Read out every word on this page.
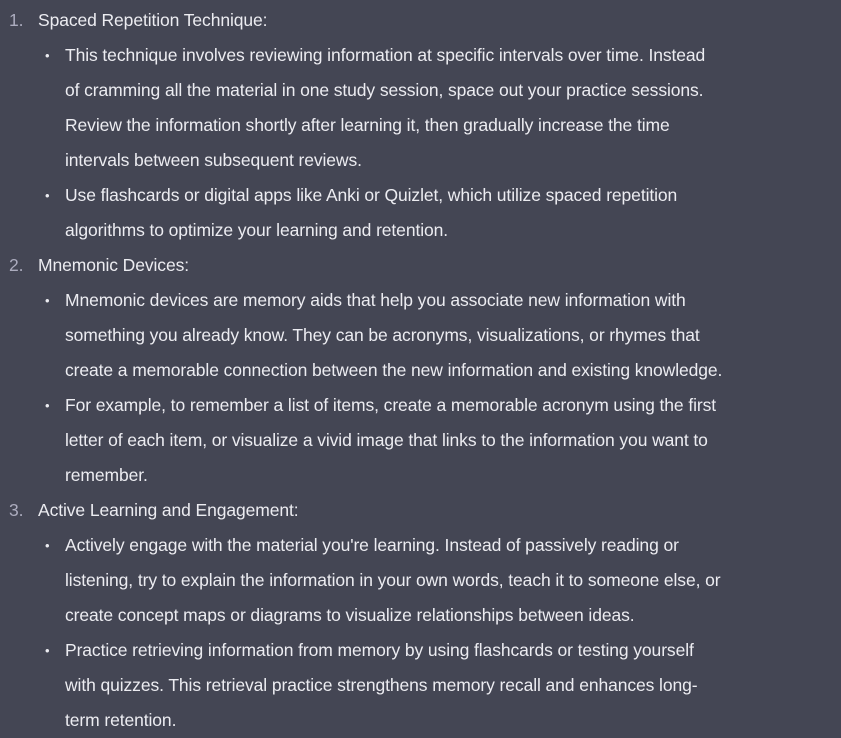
1. Spaced Repetition Technique:
• This technique involves reviewing information at specific intervals over time. Instead
of cramming all the material in one study session, space out your practice sessions.
Review the information shortly after learning it, then gradually increase the time
intervals between subsequent reviews.
• Use flashcards or digital apps like Anki or Quizlet, which utilize spaced repetition
algorithms to optimize your learning and retention.
2. Mnemonic Devices:
• Mnemonic devices are memory aids that help you associate new information with
something you already know. They can be acronyms, visualizations, or rhymes that
create a memorable connection between the new information and existing knowledge.
• For example, to remember a list of items, create a memorable acronym using the first
letter of each item, or visualize a vivid image that links to the information you want to
remember.
3. Active Learning and Engagement:
• Actively engage with the material you're learning. Instead of passively reading or
listening, try to explain the information in your own words, teach it to someone else, or
create concept maps or diagrams to visualize relationships between ideas.
• Practice retrieving information from memory by using flashcards or testing yourself
with quizzes. This retrieval practice strengthens memory recall and enhances long-
term retention.
